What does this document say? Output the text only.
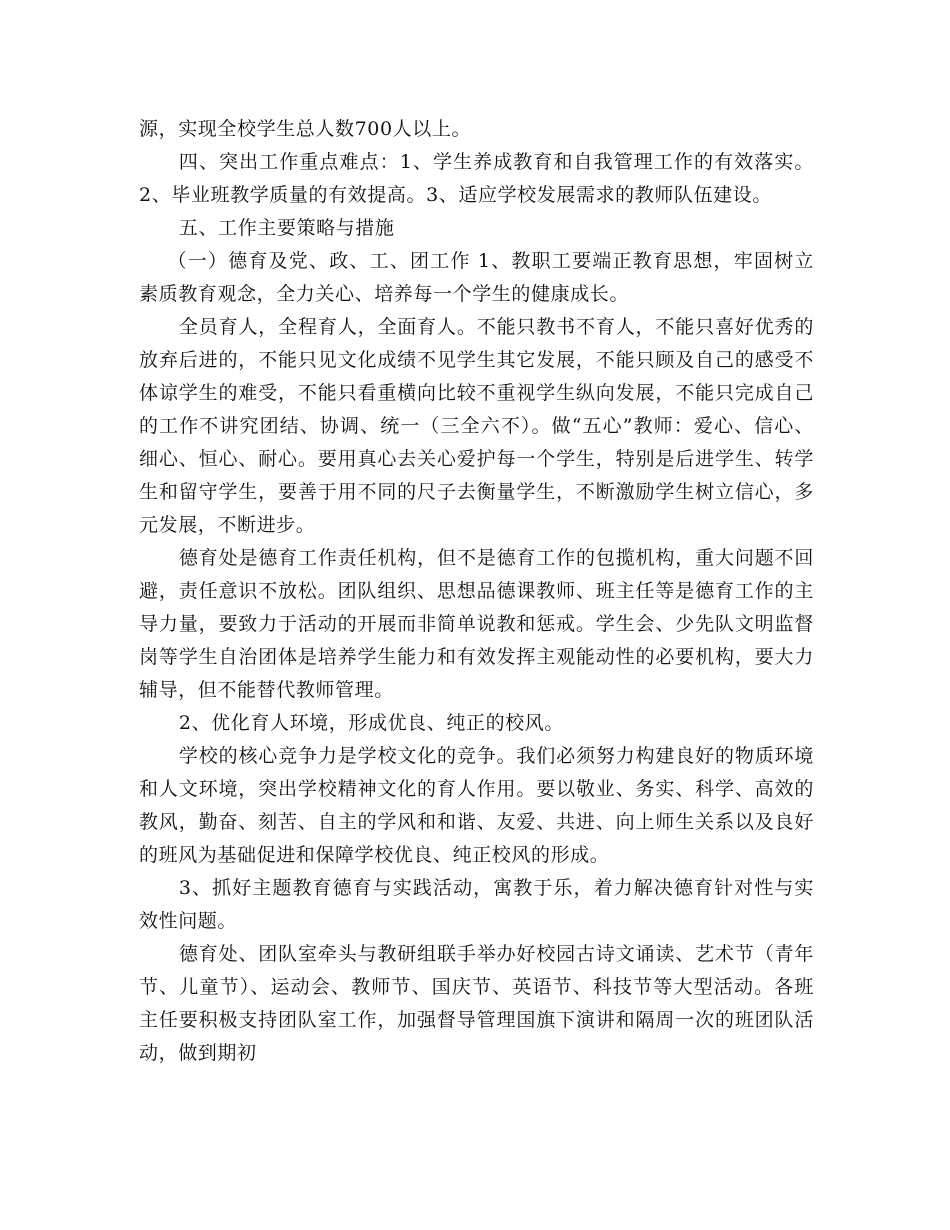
源，实现全校学生总人数700人以上。

四、突出工作重点难点：1、学生养成教育和自我管理工作的有效落实。2、毕业班教学质量的有效提高。3、适应学校发展需求的教师队伍建设。

五、工作主要策略与措施

（一）德育及党、政、工、团工作 1、教职工要端正教育思想，牢固树立素质教育观念，全力关心、培养每一个学生的健康成长。

全员育人，全程育人，全面育人。不能只教书不育人，不能只喜好优秀的放弃后进的，不能只见文化成绩不见学生其它发展，不能只顾及自己的感受不体谅学生的难受，不能只看重横向比较不重视学生纵向发展，不能只完成自己的工作不讲究团结、协调、统一（三全六不）。做“五心”教师：爱心、信心、细心、恒心、耐心。要用真心去关心爱护每一个学生，特别是后进学生、转学生和留守学生，要善于用不同的尺子去衡量学生，不断激励学生树立信心，多元发展，不断进步。

德育处是德育工作责任机构，但不是德育工作的包揽机构，重大问题不回避，责任意识不放松。团队组织、思想品德课教师、班主任等是德育工作的主导力量，要致力于活动的开展而非简单说教和惩戒。学生会、少先队文明监督岗等学生自治团体是培养学生能力和有效发挥主观能动性的必要机构，要大力辅导，但不能替代教师管理。

2、优化育人环境，形成优良、纯正的校风。

学校的核心竞争力是学校文化的竞争。我们必须努力构建良好的物质环境和人文环境，突出学校精神文化的育人作用。要以敬业、务实、科学、高效的教风，勤奋、刻苦、自主的学风和和谐、友爱、共进、向上师生关系以及良好的班风为基础促进和保障学校优良、纯正校风的形成。

3、抓好主题教育德育与实践活动，寓教于乐，着力解决德育针对性与实效性问题。

德育处、团队室牵头与教研组联手举办好校园古诗文诵读、艺术节（青年节、儿童节）、运动会、教师节、国庆节、英语节、科技节等大型活动。各班主任要积极支持团队室工作，加强督导管理国旗下演讲和隔周一次的班团队活动，做到期初
